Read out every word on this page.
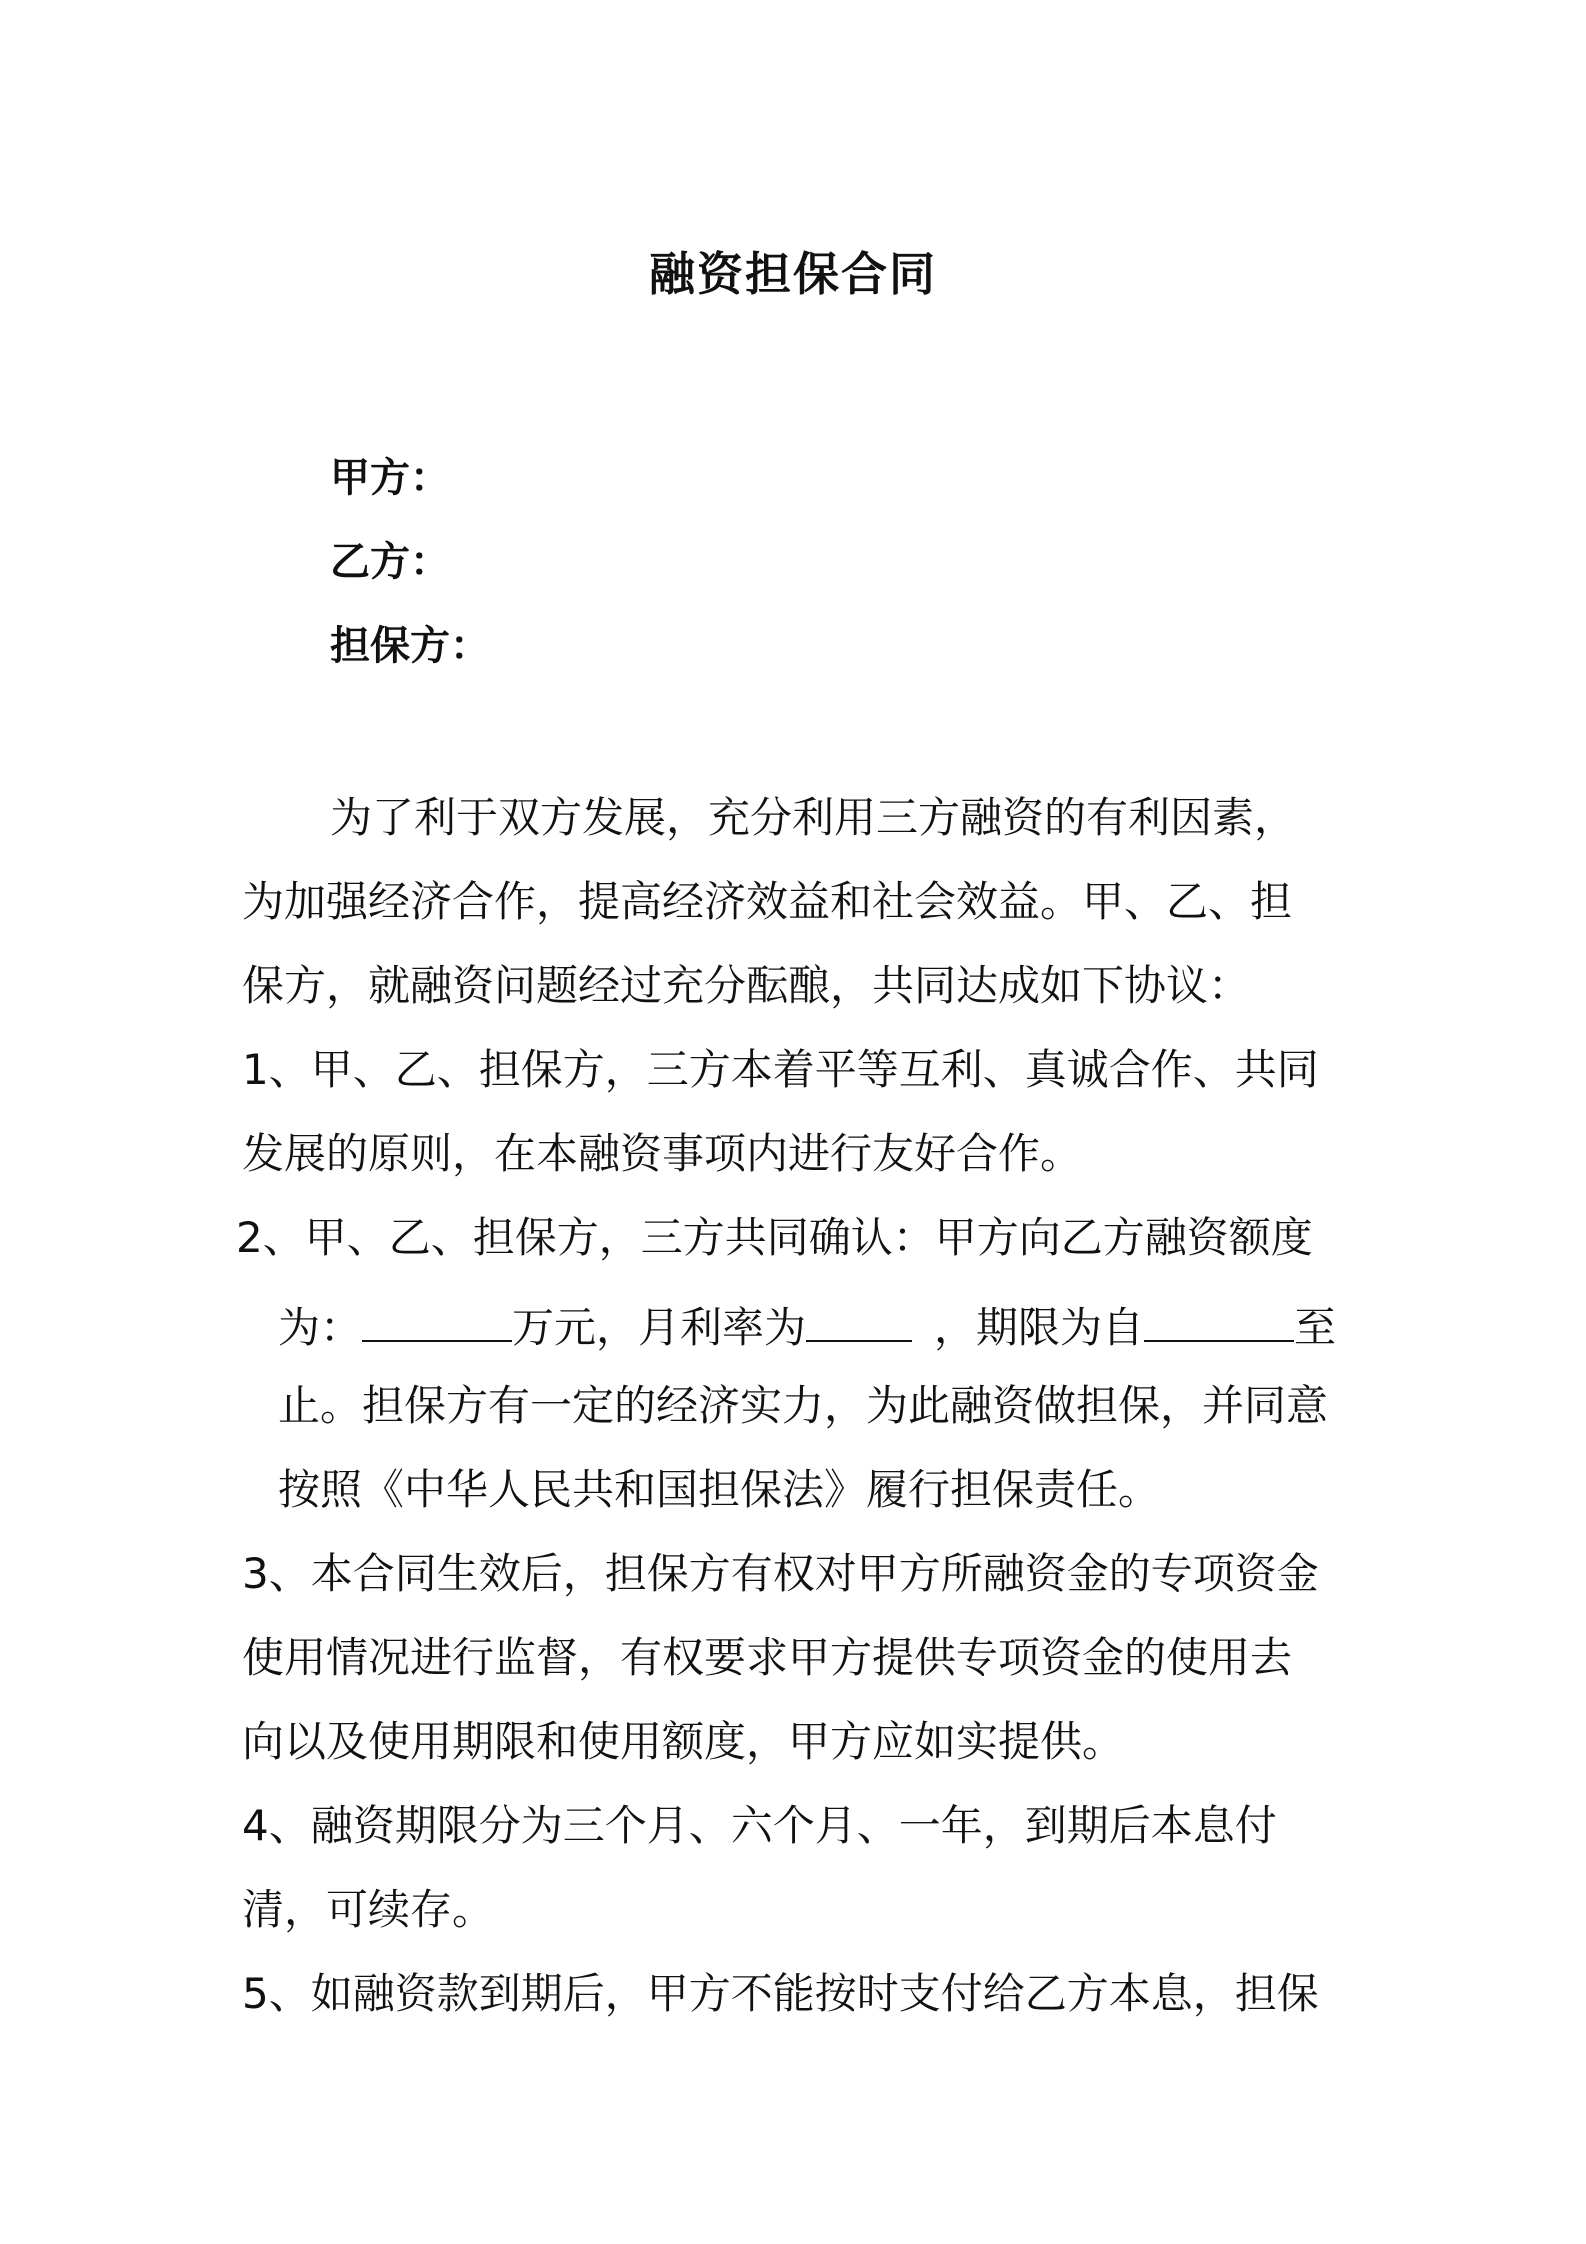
融资担保合同
甲方：
乙方：
担保方：
为了利于双方发展，充分利用三方融资的有利因素，
为加强经济合作，提高经济效益和社会效益。甲、乙、担
保方，就融资问题经过充分酝酿，共同达成如下协议：
1、甲、乙、担保方，三方本着平等互利、真诚合作、共同
发展的原则，在本融资事项内进行友好合作。
2、甲、乙、担保方，三方共同确认：甲方向乙方融资额度
为：	万元，月利率为	，期限为自	至
止。担保方有一定的经济实力，为此融资做担保，并同意
按照《中华人民共和国担保法》履行担保责任。
3、本合同生效后，担保方有权对甲方所融资金的专项资金
使用情况进行监督，有权要求甲方提供专项资金的使用去
向以及使用期限和使用额度，甲方应如实提供。
4、融资期限分为三个月、六个月、一年，到期后本息付
清，可续存。
5、如融资款到期后，甲方不能按时支付给乙方本息，担保
